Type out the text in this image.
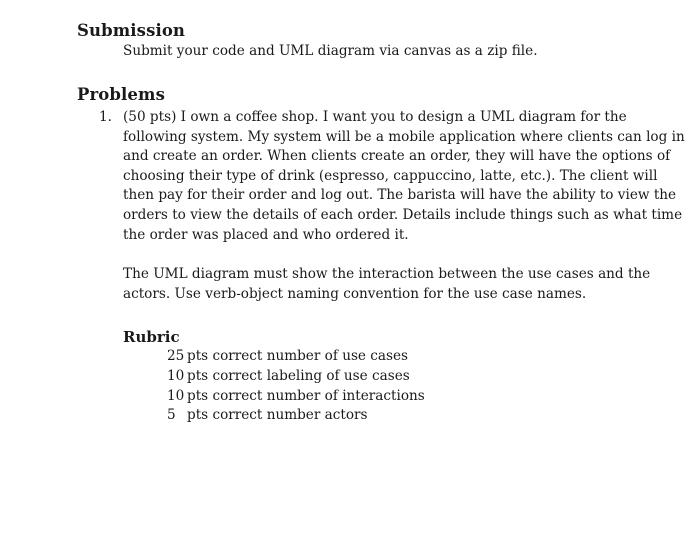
Submission
Submit your code and UML diagram via canvas as a zip file.
Problems
1. (50 pts) I own a coffee shop. I want you to design a UML diagram for the
following system. My system will be a mobile application where clients can log in
and create an order. When clients create an order, they will have the options of
choosing their type of drink (espresso, cappuccino, latte, etc.). The client will
then pay for their order and log out. The barista will have the ability to view the
orders to view the details of each order. Details include things such as what time
the order was placed and who ordered it.
The UML diagram must show the interaction between the use cases and the
actors. Use verb-object naming convention for the use case names.
Rubric
25 pts correct number of use cases
10 pts correct labeling of use cases
10 pts correct number of interactions
5 pts correct number actors
